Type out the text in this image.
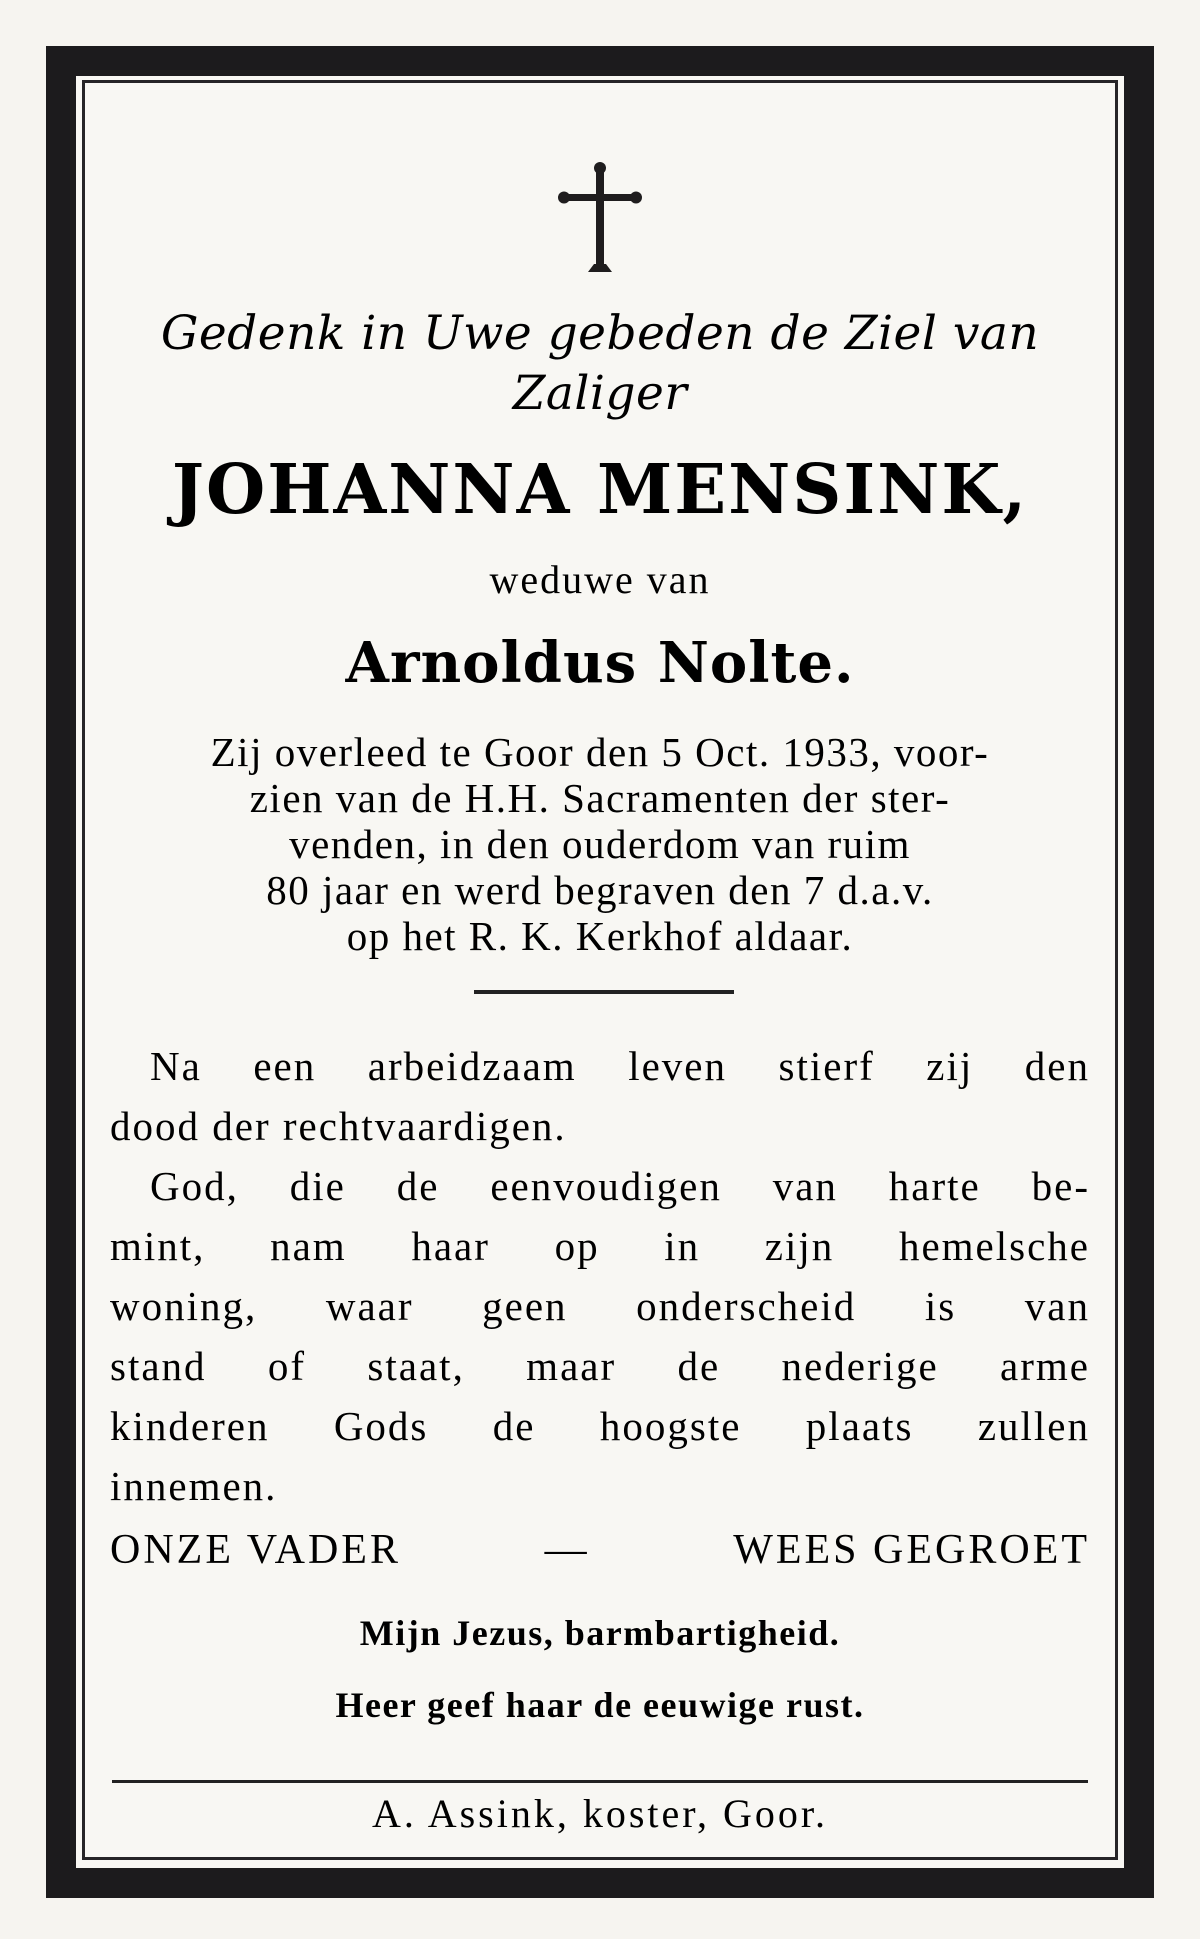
Gedenk in Uwe gebeden de Ziel van
Zaliger
JOHANNA MENSINK,
weduwe van
Arnoldus Nolte.
Zij overleed te Goor den 5 Oct. 1933, voor-
zien van de H.H. Sacramenten der ster-
venden, in den ouderdom van ruim
80 jaar en werd begraven den 7 d.a.v.
op het R. K. Kerkhof aldaar.
Na een arbeidzaam leven stierf zij den
dood der rechtvaardigen.
God, die de eenvoudigen van harte be-
mint, nam haar op in zijn hemelsche
woning, waar geen onderscheid is van
stand of staat, maar de nederige arme
kinderen Gods de hoogste plaats zullen
innemen.
ONZE VADER	—	WEES GEGROET
Mijn Jezus, barmbartigheid.
Heer geef haar de eeuwige rust.
A. Assink, koster, Goor.
